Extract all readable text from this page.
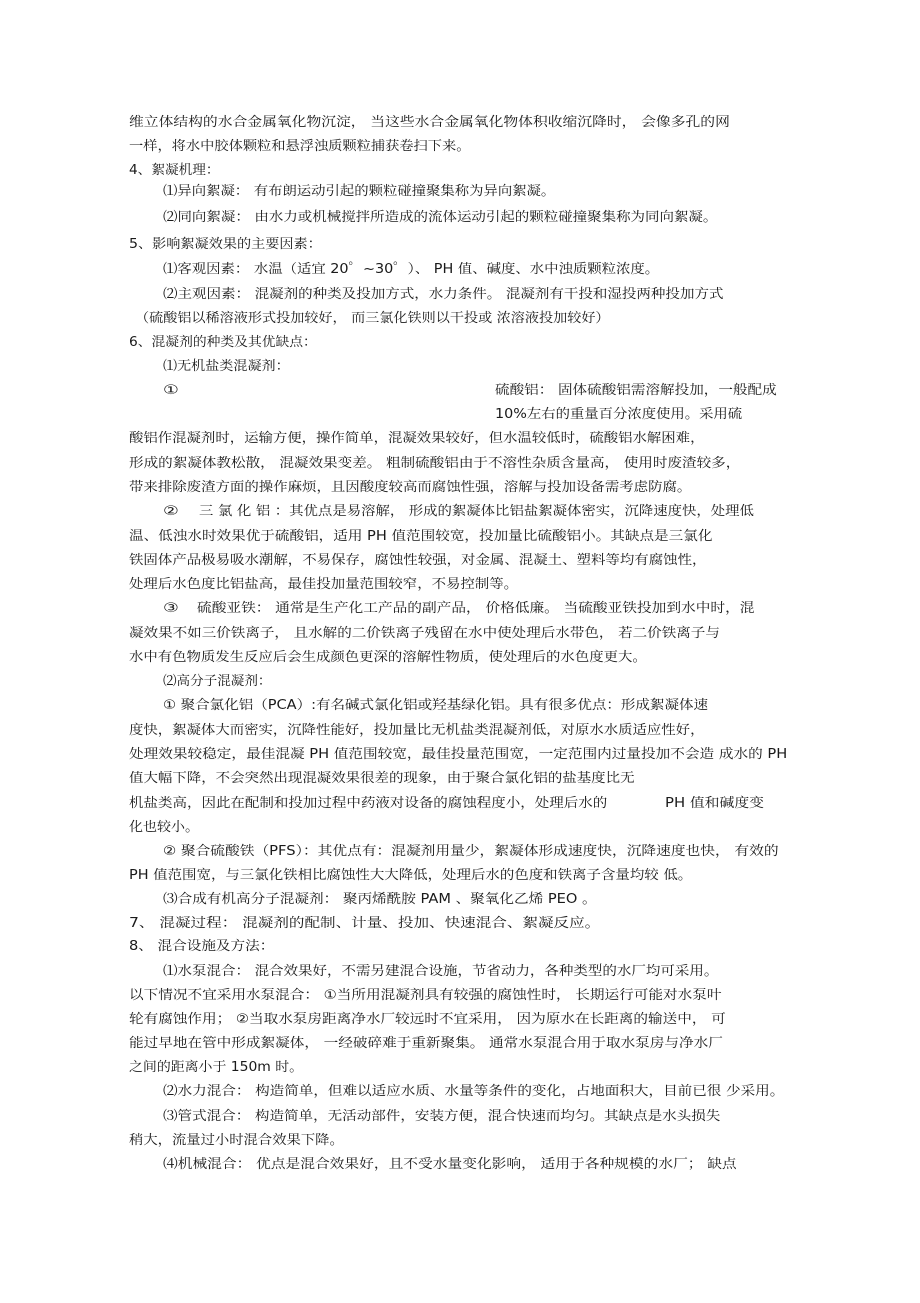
维立体结构的水合金属氧化物沉淀， 当这些水合金属氧化物体积收缩沉降时， 会像多孔的网
一样，将水中胶体颗粒和悬浮浊质颗粒捕获卷扫下来。
4、絮凝机理：
⑴异向絮凝： 有布朗运动引起的颗粒碰撞聚集称为异向絮凝。
⑵同向絮凝： 由水力或机械搅拌所造成的流体运动引起的颗粒碰撞聚集称为同向絮凝。
5、影响絮凝效果的主要因素：
⑴客观因素： 水温（适宜 20゜~30゜）、 PH 值、碱度、水中浊质颗粒浓度。
⑵主观因素： 混凝剂的种类及投加方式，水力条件。 混凝剂有干投和湿投两种投加方式
（硫酸铝以稀溶液形式投加较好， 而三氯化铁则以干投或 浓溶液投加较好）
6、混凝剂的种类及其优缺点：
⑴无机盐类混凝剂：
①	硫酸铝： 固体硫酸铝需溶解投加，一般配成
10%左右的重量百分浓度使用。采用硫
酸铝作混凝剂时，运输方便，操作简单，混凝效果较好，但水温较低时，硫酸铝水解困难，
形成的絮凝体教松散， 混凝效果变差。 粗制硫酸铝由于不溶性杂质含量高， 使用时废渣较多，
带来排除废渣方面的操作麻烦，且因酸度较高而腐蚀性强，溶解与投加设备需考虑防腐。
② 三 氯 化 铝 ：其优点是易溶解， 形成的絮凝体比铝盐絮凝体密实，沉降速度快，处理低
温、低浊水时效果优于硫酸铝，适用 PH 值范围较宽，投加量比硫酸铝小。其缺点是三氯化
铁固体产品极易吸水潮解，不易保存，腐蚀性较强，对金属、混凝土、塑料等均有腐蚀性，
处理后水色度比铝盐高，最佳投加量范围较窄，不易控制等。
③ 硫酸亚铁： 通常是生产化工产品的副产品， 价格低廉。 当硫酸亚铁投加到水中时，混
凝效果不如三价铁离子， 且水解的二价铁离子残留在水中使处理后水带色， 若二价铁离子与
水中有色物质发生反应后会生成颜色更深的溶解性物质，使处理后的水色度更大。
⑵高分子混凝剂：
① 聚合氯化铝（PCA）:有名碱式氯化铝或羟基绿化铝。具有很多优点：形成絮凝体速
度快，絮凝体大而密实，沉降性能好，投加量比无机盐类混凝剂低，对原水水质适应性好，
处理效果较稳定，最佳混凝 PH 值范围较宽，最佳投量范围宽，一定范围内过量投加不会造 成水的 PH
值大幅下降，不会突然出现混凝效果很差的现象，由于聚合氯化铝的盐基度比无
机盐类高，因此在配制和投加过程中药液对设备的腐蚀程度小，处理后水的	PH 值和碱度变
化也较小。
② 聚合硫酸铁（PFS）：其优点有：混凝剂用量少，絮凝体形成速度快，沉降速度也快， 有效的
PH 值范围宽，与三氯化铁相比腐蚀性大大降低，处理后水的色度和铁离子含量均较 低。
⑶合成有机高分子混凝剂： 聚丙烯酰胺 PAM 、聚氧化乙烯 PEO 。
7、 混凝过程： 混凝剂的配制、计量、投加、快速混合、絮凝反应。
8、 混合设施及方法：
⑴水泵混合： 混合效果好，不需另建混合设施，节省动力，各种类型的水厂均可采用。
以下情况不宜采用水泵混合： ①当所用混凝剂具有较强的腐蚀性时， 长期运行可能对水泵叶
轮有腐蚀作用； ②当取水泵房距离净水厂较远时不宜采用， 因为原水在长距离的输送中， 可
能过早地在管中形成絮凝体， 一经破碎难于重新聚集。 通常水泵混合用于取水泵房与净水厂
之间的距离小于 150m 时。
⑵水力混合： 构造简单，但难以适应水质、水量等条件的变化，占地面积大，目前已很 少采用。
⑶管式混合： 构造简单，无活动部件，安装方便，混合快速而均匀。其缺点是水头损失
稍大，流量过小时混合效果下降。
⑷机械混合： 优点是混合效果好，且不受水量变化影响， 适用于各种规模的水厂； 缺点
